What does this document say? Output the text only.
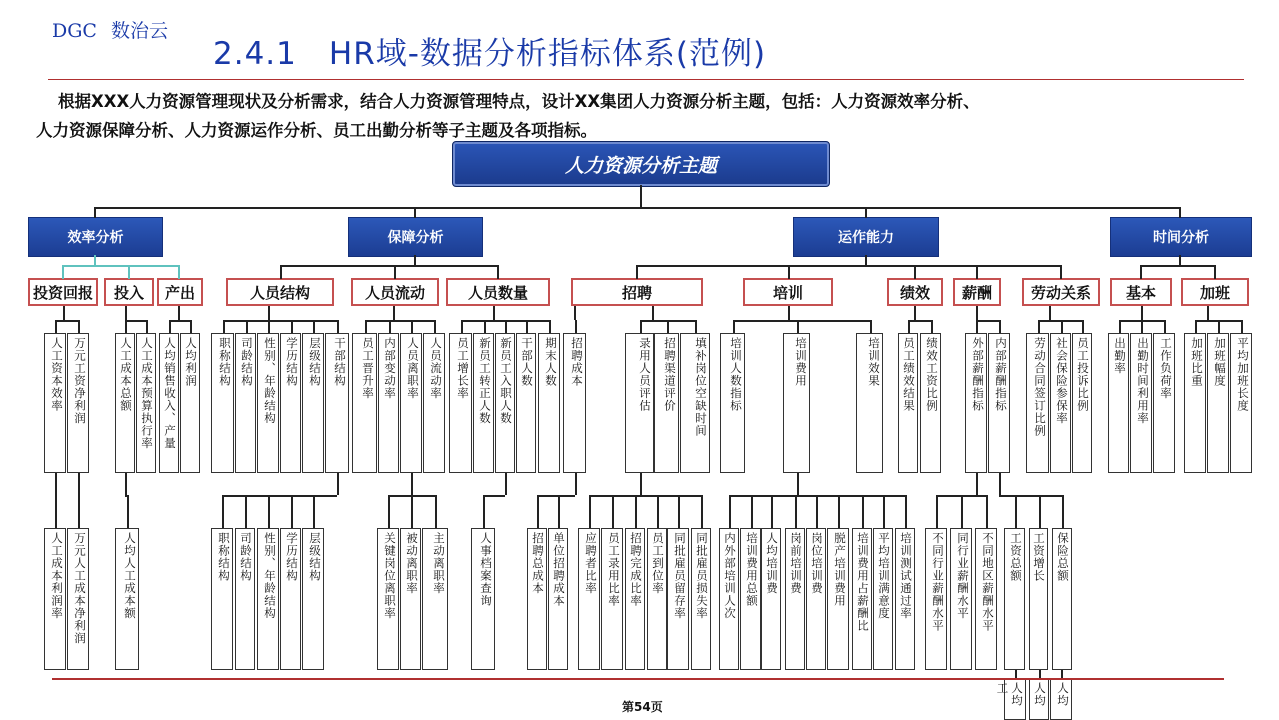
DGC 数治云
2.4.1　HR域-数据分析指标体系(范例)
根据XXX人力资源管理现状及分析需求，结合人力资源管理特点，设计XX集团人力资源分析主题，包括：人力资源效率分析、
人力资源保障分析、人力资源运作分析、员工出勤分析等子主题及各项指标。
人力资源分析主题
效率分析	保障分析	运作能力	时间分析
投资回报	投入	产出	人员结构	人员流动	人员数量	招聘	培训	绩效	薪酬	劳动关系	基本	加班
人工资本效率 万元工资净利润	人工成本总额 人工成本预算执行率 人均销售收入、产量 人均利润	职称结构 司龄结构 性别、年龄结构 学历结构 层级结构 干部结构	员工晋升率 内部变动率 人员离职率 人员流动率	员工增长率 新员工转正人数 新员工入职人数 干部人数 期末人数	招聘成本	录用人员评估 招聘渠道评价	填补岗位空缺时间	培训人数指标	培训费用	培训效果	员工绩效结果 绩效工资比例	外部薪酬指标 内部薪酬指标	劳动合同签订比例 社会保险参保率 员工投诉比例	出勤率 出勤时间利用率 工作负荷率	加班比重 加班幅度 平均加班长度
人工成本利润率 万元人工成本净利润	人均人工成本额	职称结构 司龄结构 性别、年龄结构 学历结构 层级结构	关键岗位离职率 被动离职率	主动离职率	人事档案查询	招聘总成本 单位招聘成本	应聘者比率 员工录用比率 招聘完成比率 员工到位率 同批雇员留存率 同批雇员损失率	内外部培训人次 培训费用总额 人均培训费 岗前培训费 岗位培训费 脱产培训费用 培训费用占薪酬比 平均培训满意度 培训测试通过率	不同行业薪酬水平 同行业薪酬水平 不同地区薪酬水平	工资总额 工资增长 保险总额
人均工	人均 人均
第54页
